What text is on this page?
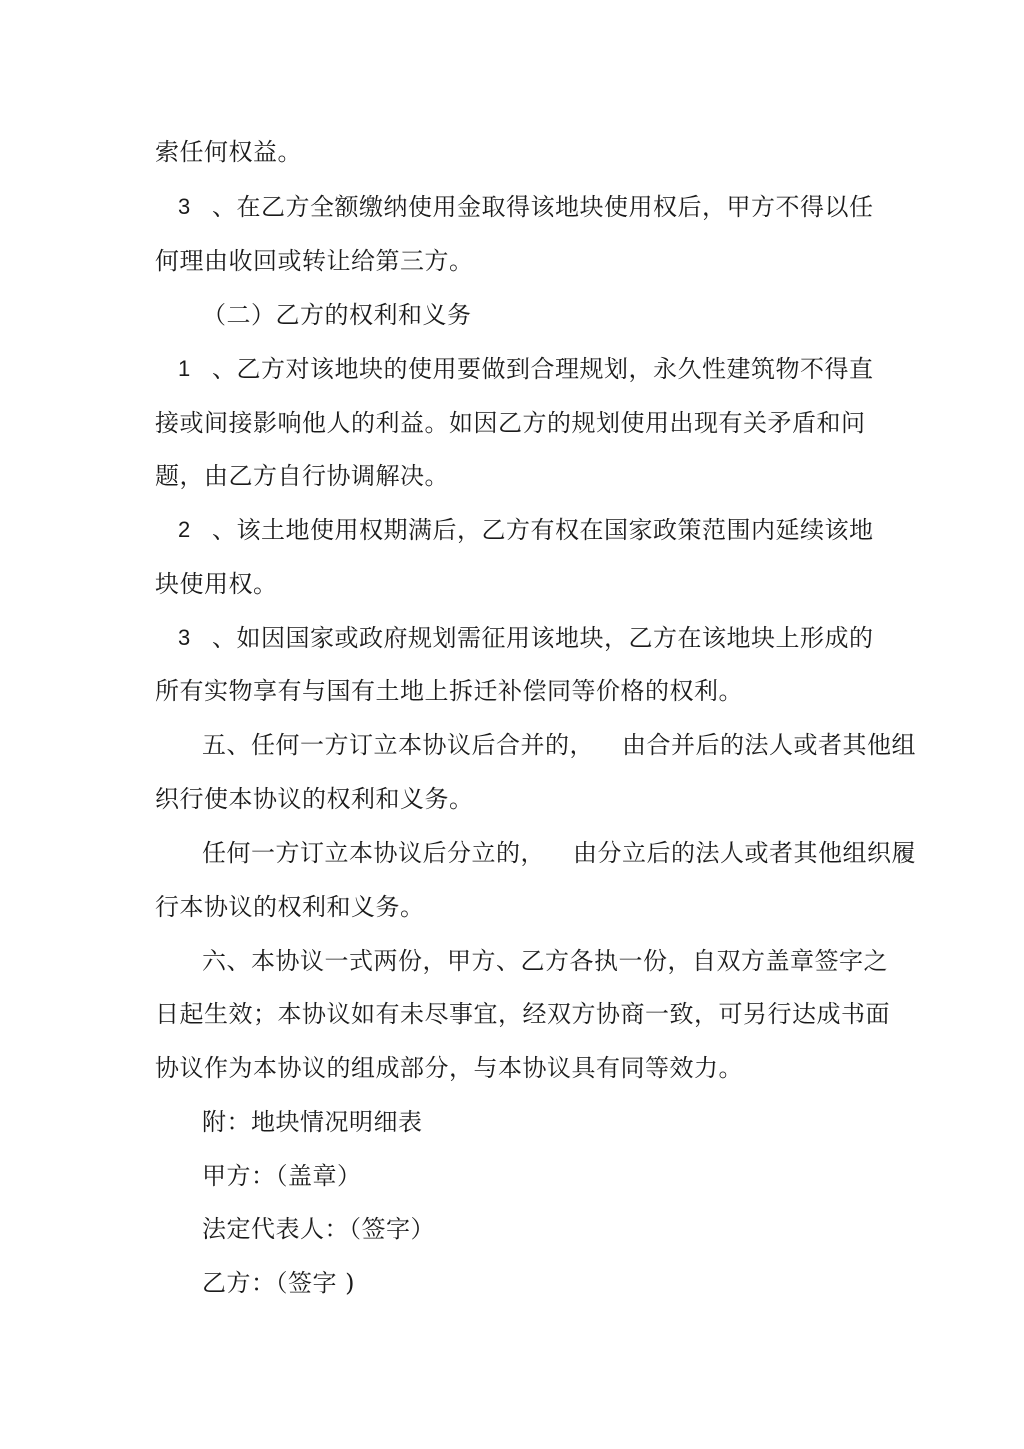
索任何权益。
3 、在乙方全额缴纳使用金取得该地块使用权后，甲方不得以任
何理由收回或转让给第三方。
（二）乙方的权利和义务
1 、乙方对该地块的使用要做到合理规划，永久性建筑物不得直
接或间接影响他人的利益。如因乙方的规划使用出现有关矛盾和问
题，由乙方自行协调解决。
2 、该土地使用权期满后，乙方有权在国家政策范围内延续该地
块使用权。
3 、如因国家或政府规划需征用该地块，乙方在该地块上形成的
所有实物享有与国有土地上拆迁补偿同等价格的权利。
五、任何一方订立本协议后合并的， 由合并后的法人或者其他组
织行使本协议的权利和义务。
任何一方订立本协议后分立的， 由分立后的法人或者其他组织履
行本协议的权利和义务。
六、本协议一式两份，甲方、乙方各执一份，自双方盖章签字之
日起生效；本协议如有未尽事宜，经双方协商一致，可另行达成书面
协议作为本协议的组成部分，与本协议具有同等效力。
附：地块情况明细表
甲方：（盖章）
法定代表人：（签字）
乙方：（签字 )
